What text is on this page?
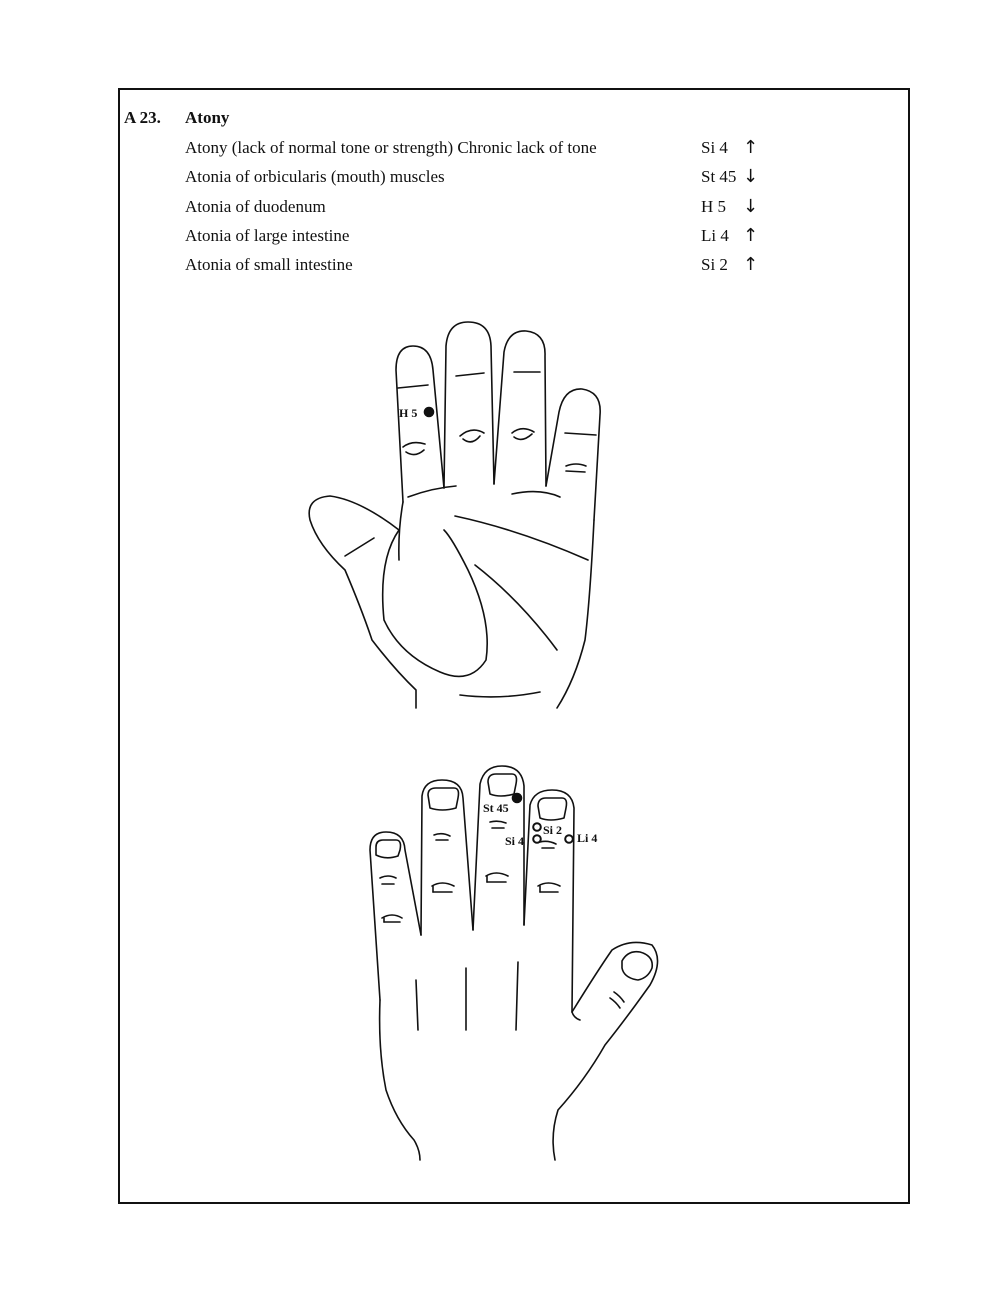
A 23. Atony
Atony (lack of normal tone or strength) Chronic lack of tone	Si 4 ↑
Atonia of orbicularis (mouth) muscles	St 45 ↓
Atonia of duodenum	H 5 ↓
Atonia of large intestine	Li 4 ↑
Atonia of small intestine	Si 2 ↑
H 5
St 45
Si 2
Si 4	Li 4
